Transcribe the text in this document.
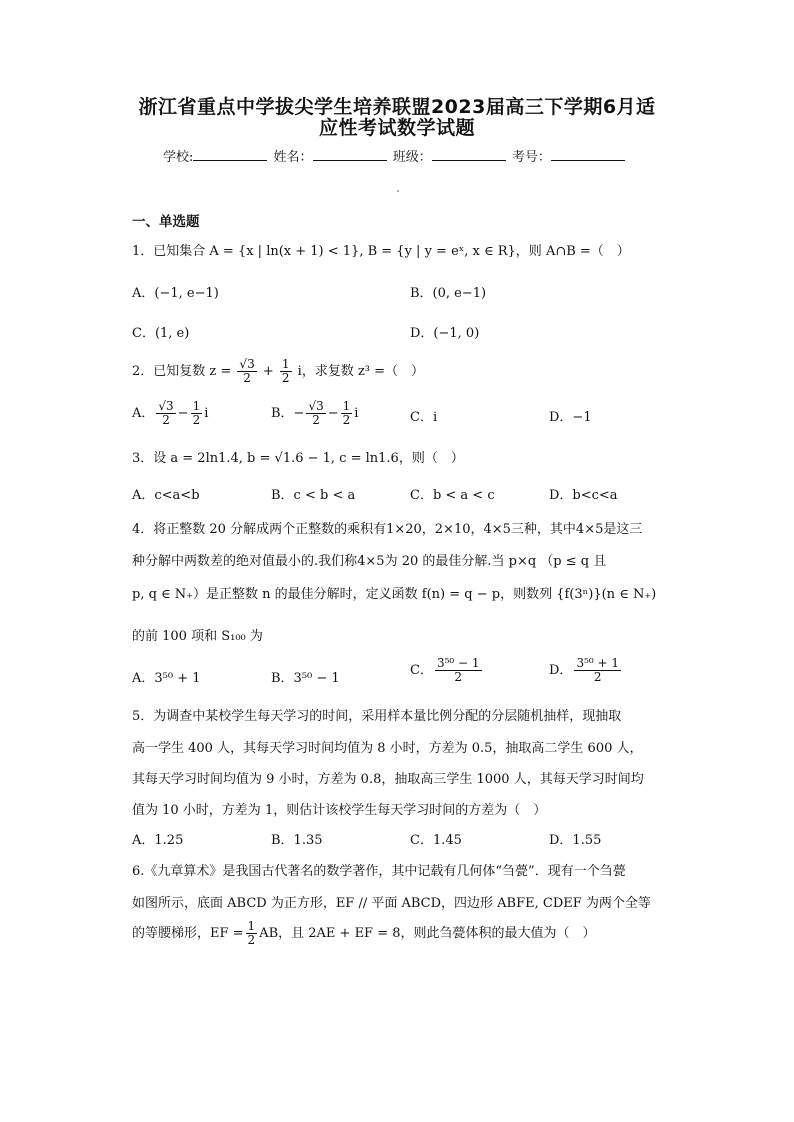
浙江省重点中学拔尖学生培养联盟2023届高三下学期6月适
应性考试数学试题
学校:	姓名：	班级：	考号：
一、单选题
1．已知集合 A = {x | ln(x + 1) < 1}, B = {y | y = eˣ, x ∈ R}，则 A∩B =（　）
A．(−1, e−1)	B．(0, e−1)
C．(1, e)	D．(−1, 0)
2．已知复数 $z = \frac{√3}{2} + \frac{1}{2}$ i，求复数 z³ =（　）
A． $\frac{√3}{2} - \frac{1}{2}$ i	B．− $\frac{√3}{2} - \frac{1}{2}$ i	C．i	D．−1
3．设 a = 2ln1.4, b = √1.6 − 1, c = ln1.6，则（　）
A．c<a<b	B．c < b < a	C．b < a < c	D．b<c<a
4．将正整数 20 分解成两个正整数的乘积有1×20，2×10，4×5三种，其中4×5是这三
种分解中两数差的绝对值最小的.我们称4×5为 20 的最佳分解.当 p×q （p ≤ q 且
p, q ∈ N₊）是正整数 n 的最佳分解时，定义函数 f(n) = q − p，则数列 {f(3ⁿ)}(n ∈ N₊)
的前 100 项和 S₁₀₀ 为
A．3⁵⁰ + 1	B．3⁵⁰ − 1
C． $\frac{\text{3⁵⁰ − 1}}{2}$	D． $\frac{\text{3⁵⁰ + 1}}{2}$
5．为调查中某校学生每天学习的时间，采用样本量比例分配的分层随机抽样，现抽取
高一学生 400 人，其每天学习时间均值为 8 小时，方差为 0.5，抽取高二学生 600 人，
其每天学习时间均值为 9 小时，方差为 0.8，抽取高三学生 1000 人，其每天学习时间均
值为 10 小时，方差为 1，则估计该校学生每天学习时间的方差为（　）
A．1.25	B．1.35	C．1.45	D．1.55
6.《九章算术》是我国古代著名的数学著作，其中记载有几何体“刍甍”．现有一个刍甍
如图所示，底面 ABCD 为正方形，EF // 平面 ABCD，四边形 ABFE, CDEF 为两个全等
的等腰梯形，EF = $\frac{1}{2}$ AB，且 2AE + EF = 8，则此刍甍体积的最大值为（　）
